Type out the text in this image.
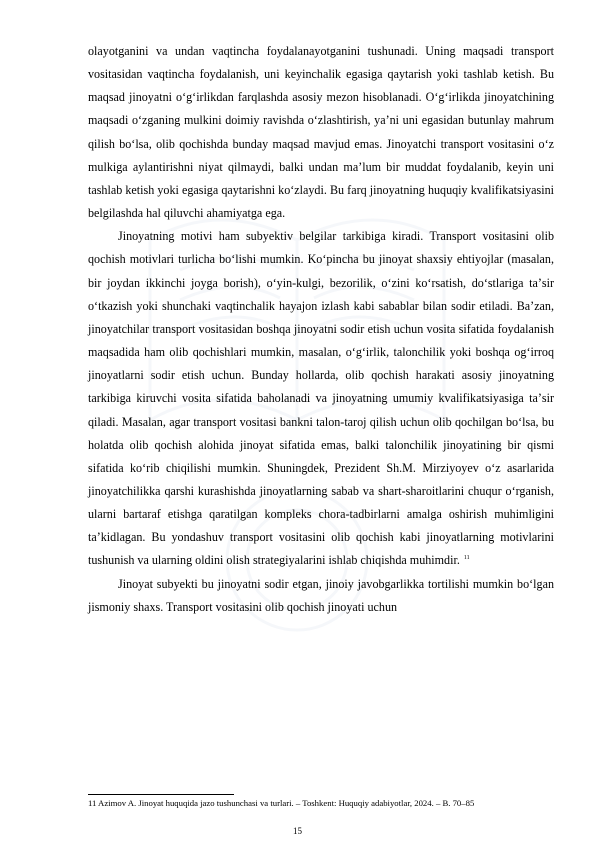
olayotganini va undan vaqtincha foydalanayotganini tushunadi. Uning maqsadi transport vositasidan vaqtincha foydalanish, uni keyinchalik egasiga qaytarish yoki tashlab ketish. Bu maqsad jinoyatni oʻgʻirlikdan farqlashda asosiy mezon hisoblanadi. Oʻgʻirlikda jinoyatchining maqsadi oʻzganing mulkini doimiy ravishda oʻzlashtirish, yaʼni uni egasidan butunlay mahrum qilish boʻlsa, olib qochishda bunday maqsad mavjud emas. Jinoyatchi transport vositasini oʻz mulkiga aylantirishni niyat qilmaydi, balki undan maʼlum bir muddat foydalanib, keyin uni tashlab ketish yoki egasiga qaytarishni koʻzlaydi. Bu farq jinoyatning huquqiy kvalifikatsiyasini belgilashda hal qiluvchi ahamiyatga ega.

Jinoyatning motivi ham subyektiv belgilar tarkibiga kiradi. Transport vositasini olib qochish motivlari turlicha boʻlishi mumkin. Koʻpincha bu jinoyat shaxsiy ehtiyojlar (masalan, bir joydan ikkinchi joyga borish), oʻyin-kulgi, bezorilik, oʻzini koʻrsatish, doʻstlariga taʼsir oʻtkazish yoki shunchaki vaqtinchalik hayajon izlash kabi sabablar bilan sodir etiladi. Baʼzan, jinoyatchilar transport vositasidan boshqa jinoyatni sodir etish uchun vosita sifatida foydalanish maqsadida ham olib qochishlari mumkin, masalan, oʻgʻirlik, talonchilik yoki boshqa ogʻirroq jinoyatlarni sodir etish uchun. Bunday hollarda, olib qochish harakati asosiy jinoyatning tarkibiga kiruvchi vosita sifatida baholanadi va jinoyatning umumiy kvalifikatsiyasiga taʼsir qiladi. Masalan, agar transport vositasi bankni talon-taroj qilish uchun olib qochilgan boʻlsa, bu holatda olib qochish alohida jinoyat sifatida emas, balki talonchilik jinoyatining bir qismi sifatida koʻrib chiqilishi mumkin. Shuningdek, Prezident Sh.M. Mirziyoyev oʻz asarlarida jinoyatchilikka qarshi kurashishda jinoyatlarning sabab va shart-sharoitlarini chuqur oʻrganish, ularni bartaraf etishga qaratilgan kompleks chora-tadbirlarni amalga oshirish muhimligini taʼkidlagan. Bu yondashuv transport vositasini olib qochish kabi jinoyatlarning motivlarini tushunish va ularning oldini olish strategiyalarini ishlab chiqishda muhimdir. $^{11}$

Jinoyat subyekti bu jinoyatni sodir etgan, jinoiy javobgarlikka tortilishi mumkin boʻlgan jismoniy shaxs. Transport vositasini olib qochish jinoyati uchun

11 Azimov A. Jinoyat huquqida jazo tushunchasi va turlari. – Toshkent: Huquqiy adabiyotlar, 2024. – B. 70–85
15
